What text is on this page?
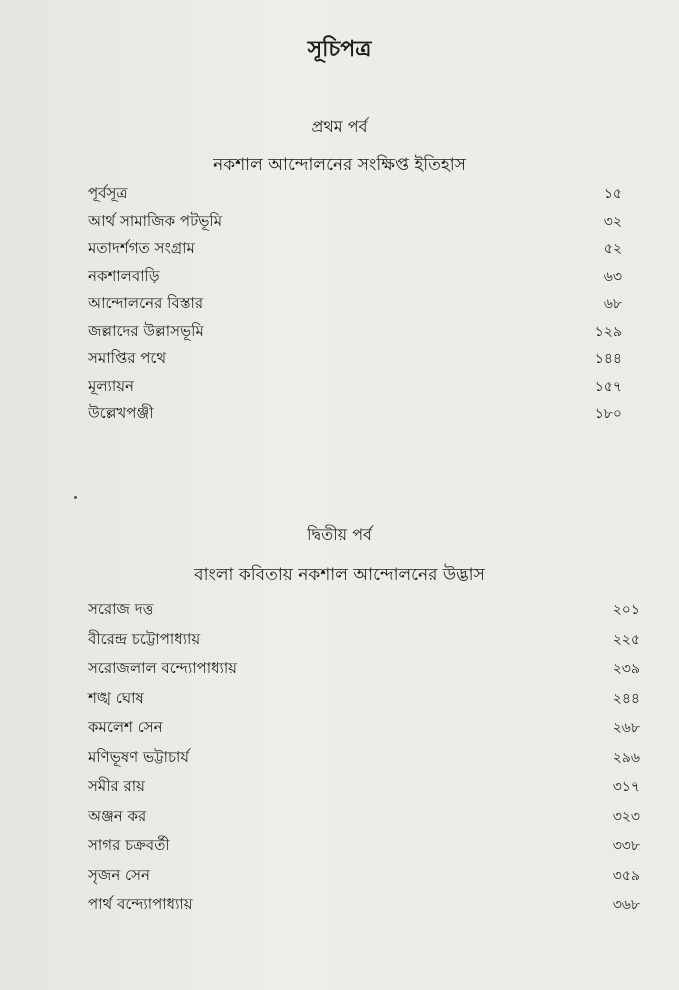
সূচিপত্র
প্রথম পর্ব
নকশাল আন্দোলনের সংক্ষিপ্ত ইতিহাস
পূর্বসূত্র	১৫
আর্থ সামাজিক পটভূমি	৩২
মতাদর্শগত সংগ্রাম	৫২
নকশালবাড়ি	৬৩
আন্দোলনের বিস্তার	৬৮
জল্লাদের উল্লাসভূমি	১২৯
সমাপ্তির পথে	১৪৪
মূল্যায়ন	১৫৭
উল্লেখপঞ্জী	১৮০
দ্বিতীয় পর্ব
বাংলা কবিতায় নকশাল আন্দোলনের উদ্ভাস
সরোজ দত্ত	২০১
বীরেন্দ্র চট্টোপাধ্যায়	২২৫
সরোজলাল বন্দ্যোপাধ্যায়	২৩৯
শঙ্খ ঘোষ	২৪৪
কমলেশ সেন	২৬৮
মণিভূষণ ভট্টাচার্য	২৯৬
সমীর রায়	৩১৭
অঞ্জন কর	৩২৩
সাগর চক্রবর্তী	৩৩৮
সৃজন সেন	৩৫৯
পার্থ বন্দ্যোপাধ্যায়	৩৬৮
